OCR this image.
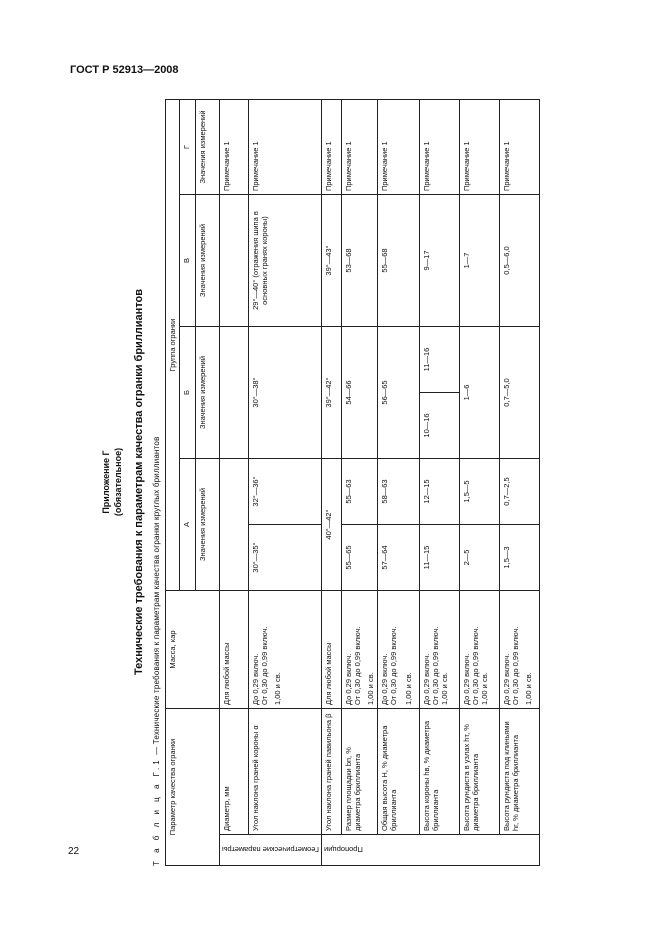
ГОСТ Р 52913—2008
22
Приложение Г (обязательное) Технические требования к параметрам качества огранки бриллиантов
Т а б л и ц а Г.1 — Технические требования к параметрам качества огранки круглых бриллиантов
Параметр качества огранки		Масса, кар	Группа огранки					
			А		Б		В	Г
			Значения измерений		Значения измерений		Значения измерений	Значения измерений

Геометрические параметры	Диаметр, мм	Для любой массы						Примечание 1
	Угол наклона граней короны α	До 0,29 включ. От 0,30 до 0,99 включ. 1,00 и св.	30°—35°	32°—36°	30°—38°		29°—40° (отражения шипа в основных гранях короны)	Примечание 1

Пропорции	Угол наклона граней павильона β	Для любой массы	40°—42°		39°—42°		39°—43°	Примечание 1
	Размер площадки bп, % диаметра бриллианта	До 0,29 включ. От 0,30 до 0,99 включ. 1,00 и св.	55—65	55—63	54—66		53—68	Примечание 1
	Общая высота H, % диаметра бриллианта	До 0,29 включ. От 0,30 до 0,99 включ. 1,00 и св.	57—64	58—63	56—65		55—68	Примечание 1
	Высота короны hв, % диаметра бриллианта	До 0,29 включ. От 0,30 до 0,99 включ. 1,00 и св.	11—15	12—15	10—16	11—16	9—17	Примечание 1
	Высота рундиста в узлах hт, % диаметра бриллианта	До 0,29 включ. От 0,30 до 0,99 включ. 1,00 и св.	2—5	1,5—5	1—6		1—7	Примечание 1
	Высота рундиста под клиньями hг, % диаметра бриллианта	До 0,29 включ. От 0,30 до 0,99 включ. 1,00 и св.	1,5—3	0,7—2,5	0,7—5,0		0,5—6,0	Примечание 1
